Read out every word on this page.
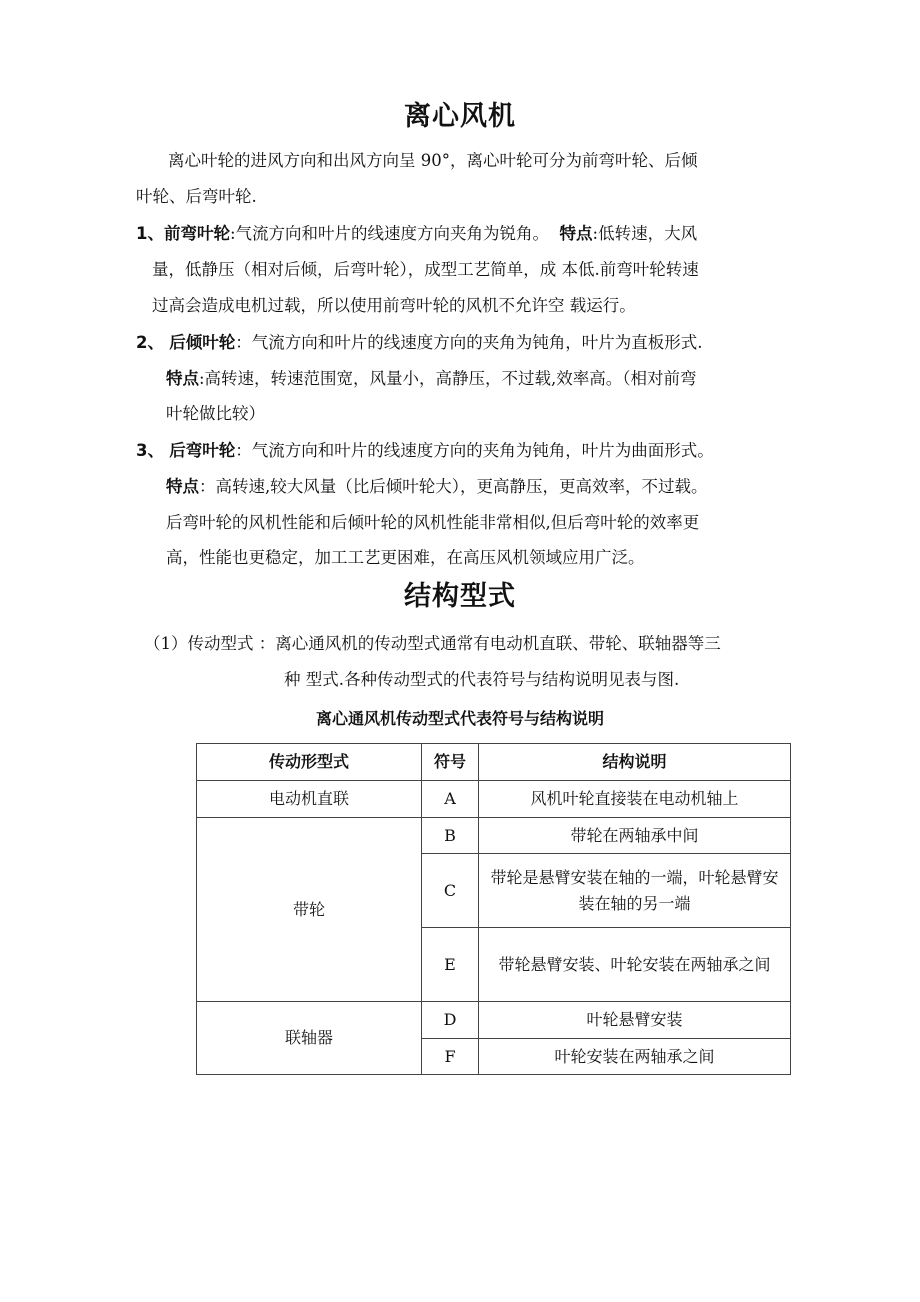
离心风机
离心叶轮的进风方向和出风方向呈 90°，离心叶轮可分为前弯叶轮、后倾
叶轮、后弯叶轮.
1、前弯叶轮:气流方向和叶片的线速度方向夹角为锐角。 特点:低转速，大风
量，低静压（相对后倾，后弯叶轮），成型工艺简单，成 本低.前弯叶轮转速
过高会造成电机过载，所以使用前弯叶轮的风机不允许空 载运行。
2、 后倾叶轮：气流方向和叶片的线速度方向的夹角为钝角，叶片为直板形式.
特点:高转速，转速范围宽，风量小，高静压，不过载,效率高。（相对前弯
叶轮做比较）
3、 后弯叶轮：气流方向和叶片的线速度方向的夹角为钝角，叶片为曲面形式。
特点：高转速,较大风量（比后倾叶轮大），更高静压，更高效率，不过载。
后弯叶轮的风机性能和后倾叶轮的风机性能非常相似,但后弯叶轮的效率更
高，性能也更稳定，加工工艺更困难，在高压风机领域应用广泛。
结构型式
（1）传动型式 ：离心通风机的传动型式通常有电动机直联、带轮、联轴器等三
种 型式.各种传动型式的代表符号与结构说明见表与图.
离心通风机传动型式代表符号与结构说明
传动形型式	符号	结构说明
电动机直联	A	风机叶轮直接装在电动机轴上
带轮	B	带轮在两轴承中间
	C	带轮是悬臂安装在轴的一端，叶轮悬臂安装在轴的另一端
	E	带轮悬臂安装、叶轮安装在两轴承之间
联轴器	D	叶轮悬臂安装
	F	叶轮安装在两轴承之间
